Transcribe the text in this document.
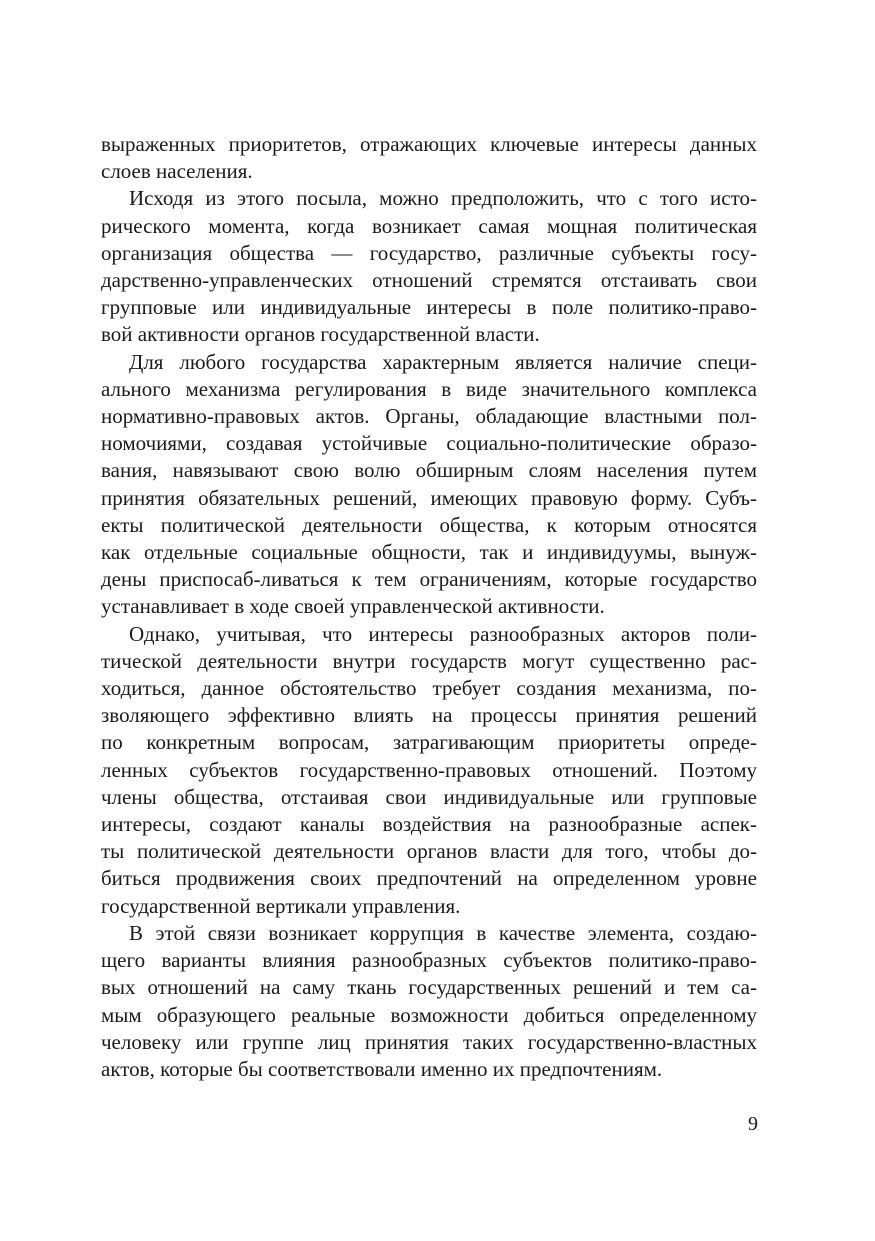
выраженных приоритетов, отражающих ключевые интересы данных
слоев населения.
Исходя из этого посыла, можно предположить, что с того исто-
рического момента, когда возникает самая мощная политическая
организация общества — государство, различные субъекты госу-
дарственно-управленческих отношений стремятся отстаивать свои
групповые или индивидуальные интересы в поле политико-право-
вой активности органов государственной власти.
Для любого государства характерным является наличие специ-
ального механизма регулирования в виде значительного комплекса
нормативно-правовых актов. Органы, обладающие властными пол-
номочиями, создавая устойчивые социально-политические образо-
вания, навязывают свою волю обширным слоям населения путем
принятия обязательных решений, имеющих правовую форму. Субъ-
екты политической деятельности общества, к которым относятся
как отдельные социальные общности, так и индивидуумы, вынуж-
дены приспосаб-ливаться к тем ограничениям, которые государство
устанавливает в ходе своей управленческой активности.
Однако, учитывая, что интересы разнообразных акторов поли-
тической деятельности внутри государств могут существенно рас-
ходиться, данное обстоятельство требует создания механизма, по-
зволяющего эффективно влиять на процессы принятия решений
по конкретным вопросам, затрагивающим приоритеты опреде-
ленных субъектов государственно-правовых отношений. Поэтому
члены общества, отстаивая свои индивидуальные или групповые
интересы, создают каналы воздействия на разнообразные аспек-
ты политической деятельности органов власти для того, чтобы до-
биться продвижения своих предпочтений на определенном уровне
государственной вертикали управления.
В этой связи возникает коррупция в качестве элемента, создаю-
щего варианты влияния разнообразных субъектов политико-право-
вых отношений на саму ткань государственных решений и тем са-
мым образующего реальные возможности добиться определенному
человеку или группе лиц принятия таких государственно-властных
актов, которые бы соответствовали именно их предпочтениям.
9
